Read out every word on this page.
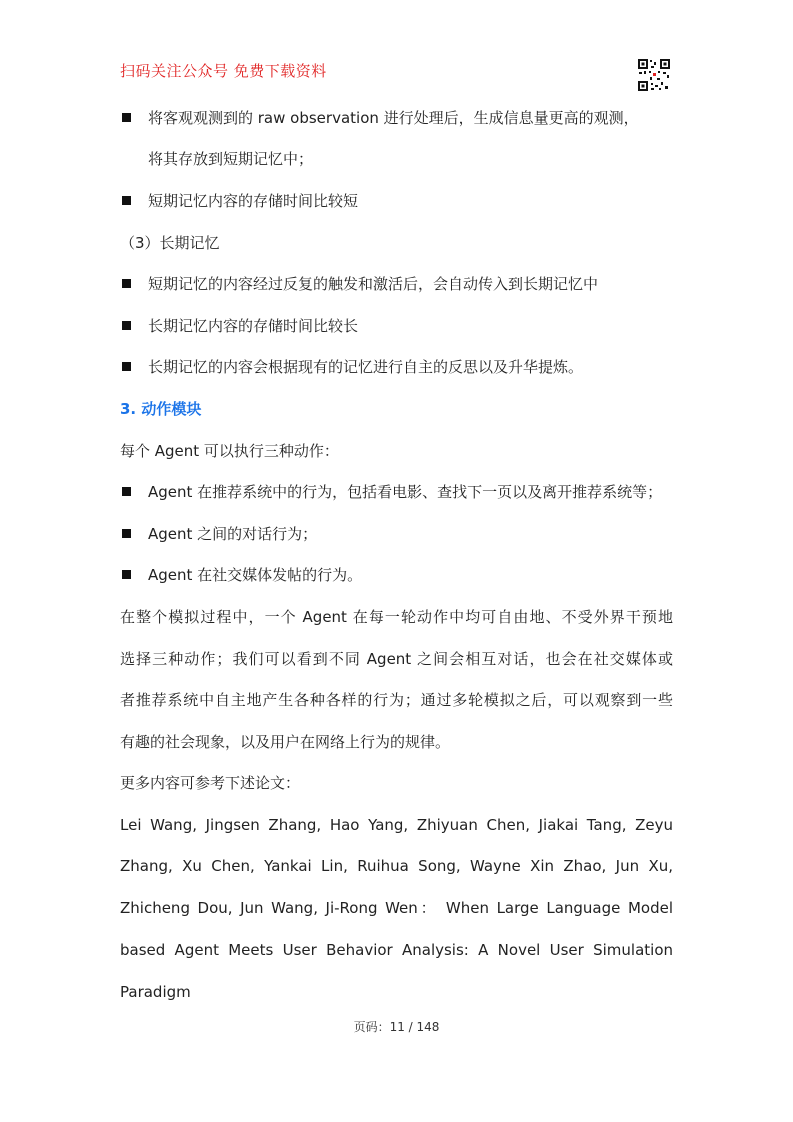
扫码关注公众号 免费下载资料
将客观观测到的 raw observation 进行处理后，生成信息量更高的观测，
将其存放到短期记忆中；
短期记忆内容的存储时间比较短
（3）长期记忆
短期记忆的内容经过反复的触发和激活后，会自动传入到长期记忆中
长期记忆内容的存储时间比较长
长期记忆的内容会根据现有的记忆进行自主的反思以及升华提炼。
3. 动作模块
每个 Agent 可以执行三种动作：
Agent 在推荐系统中的行为，包括看电影、查找下一页以及离开推荐系统等；
Agent 之间的对话行为；
Agent 在社交媒体发帖的行为。
在整个模拟过程中，一个 Agent 在每一轮动作中均可自由地、不受外界干预地
选择三种动作；我们可以看到不同 Agent 之间会相互对话，也会在社交媒体或
者推荐系统中自主地产生各种各样的行为；通过多轮模拟之后，可以观察到一些
有趣的社会现象，以及用户在网络上行为的规律。
更多内容可参考下述论文：
Lei Wang, Jingsen Zhang, Hao Yang, Zhiyuan Chen, Jiakai Tang, Zeyu
Zhang, Xu Chen, Yankai Lin, Ruihua Song, Wayne Xin Zhao, Jun Xu,
Zhicheng Dou, Jun Wang, Ji-Rong Wen： When Large Language Model
based Agent Meets User Behavior Analysis: A Novel User Simulation
Paradigm
页码：11 / 148
